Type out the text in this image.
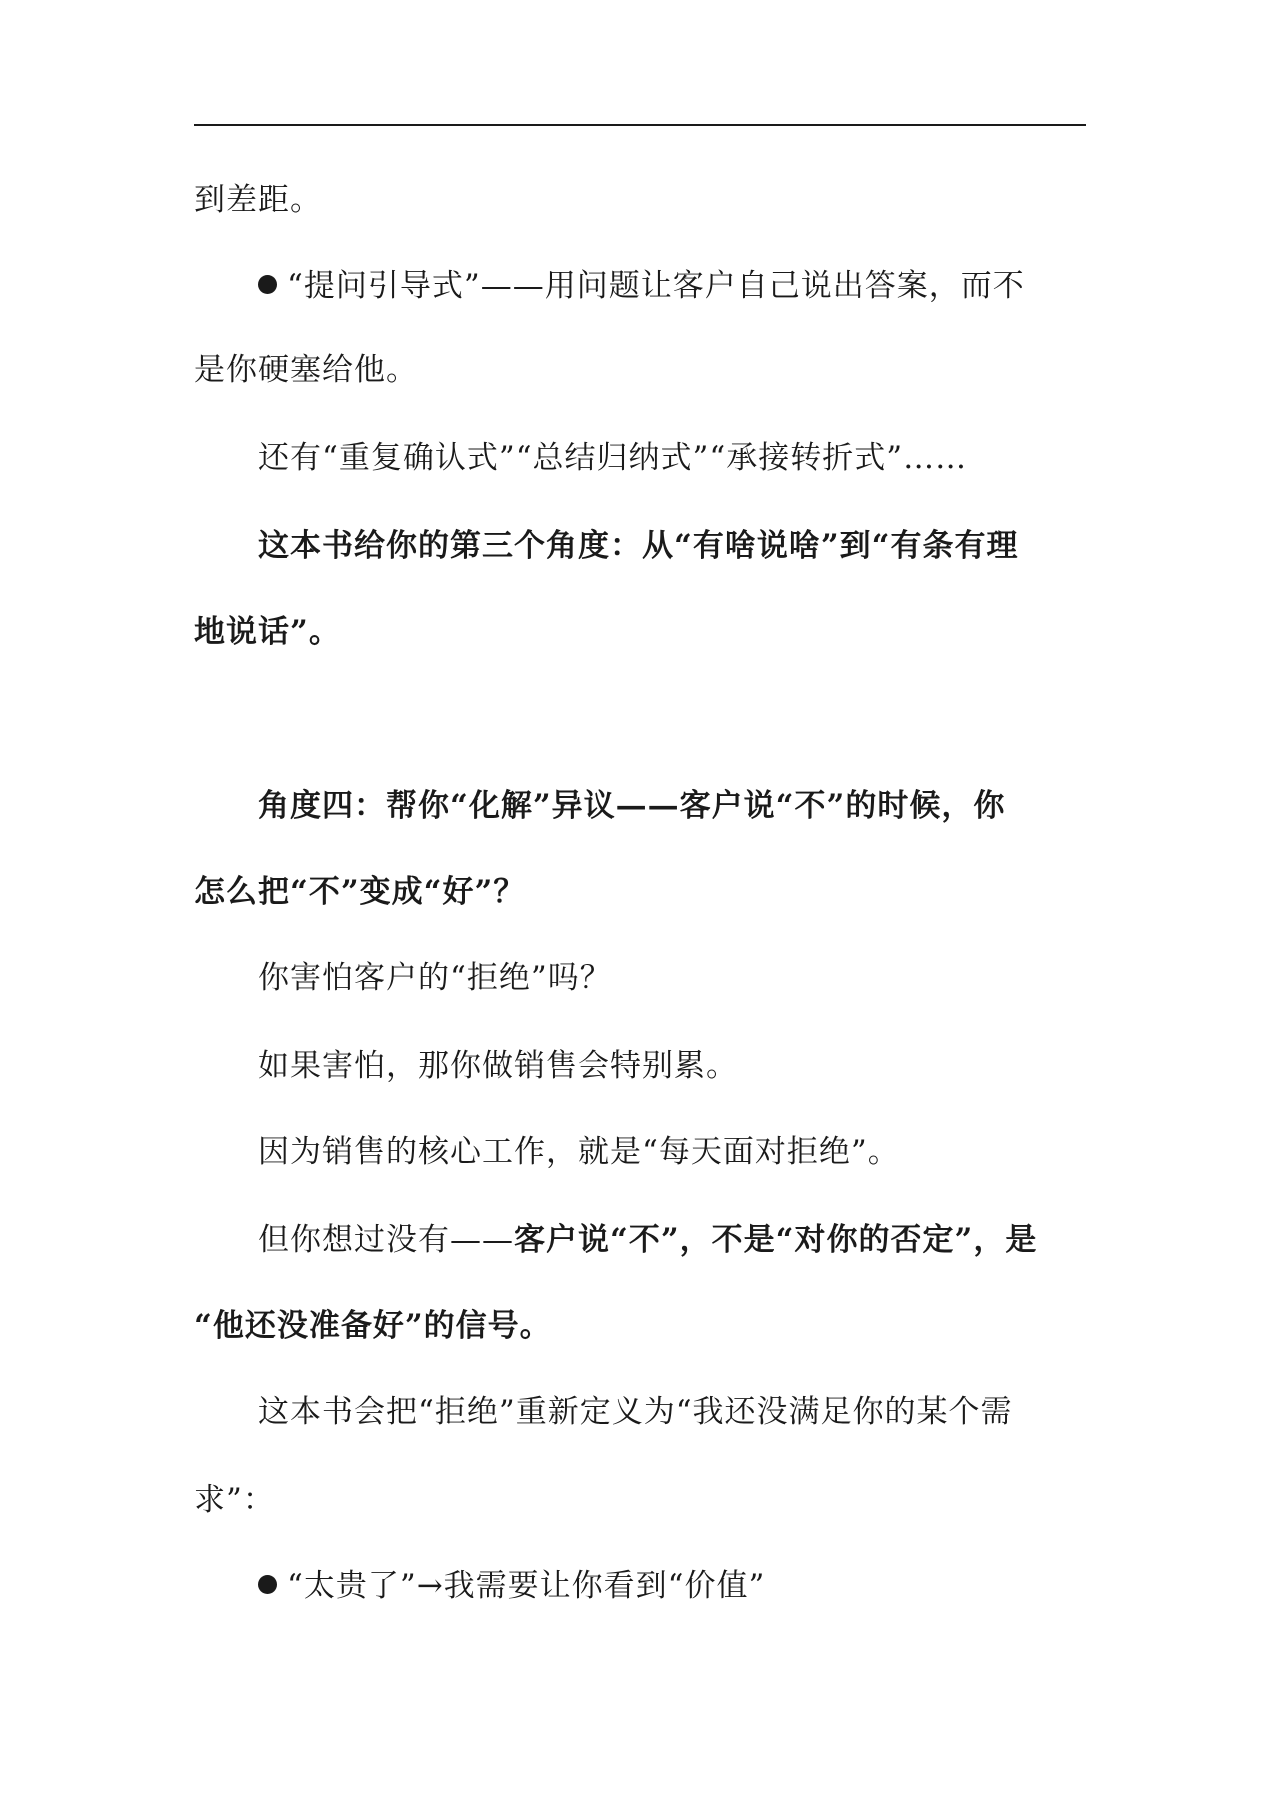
到差距。
“提问引导式”——用问题让客户自己说出答案，而不
是你硬塞给他。
还有“重复确认式”“总结归纳式”“承接转折式”……
这本书给你的第三个角度：从“有啥说啥”到“有条有理
地说话”。
角度四：帮你“化解”异议——客户说“不”的时候，你
怎么把“不”变成“好”？
你害怕客户的“拒绝”吗？
如果害怕，那你做销售会特别累。
因为销售的核心工作，就是“每天面对拒绝”。
但你想过没有——客户说“不”，不是“对你的否定”，是
“他还没准备好”的信号。
这本书会把“拒绝”重新定义为“我还没满足你的某个需
求”：
“太贵了”→我需要让你看到“价值”
